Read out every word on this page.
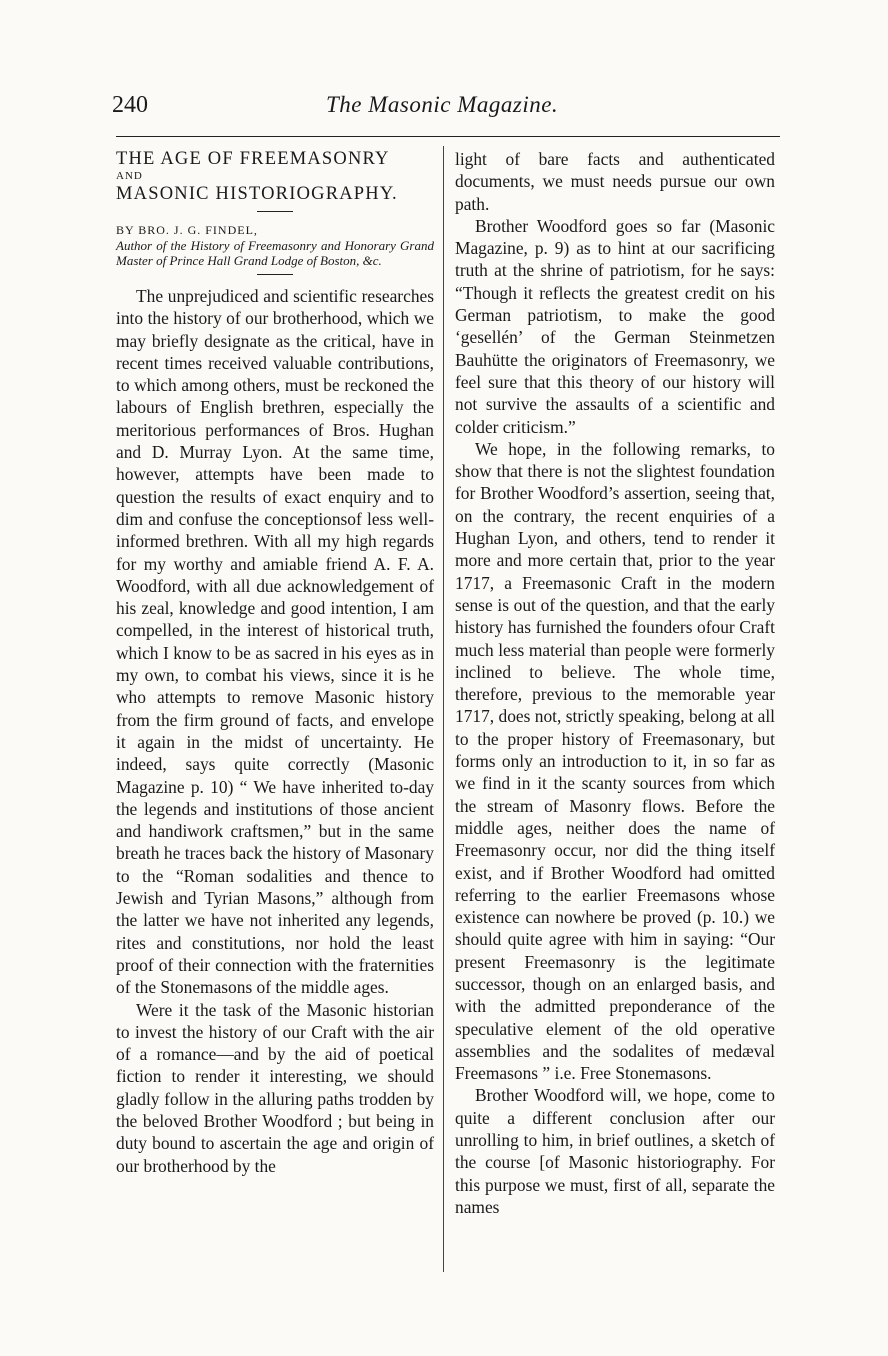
240	The Masonic Magazine.

THE AGE OF FREEMASONRY

AND

MASONIC HISTORIOGRAPHY.

BY BRO. J. G. FINDEL,

Author of the History of Freemasonry and Honorary Grand Master of Prince Hall Grand Lodge of Boston, &c.

The unprejudiced and scientific researches into the history of our brotherhood, which we may briefly designate as the critical, have in recent times received valuable contributions, to which among others, must be reckoned the labours of English brethren, especially the meritorious performances of Bros. Hughan and D. Murray Lyon. At the same time, however, attempts have been made to question the results of exact enquiry and to dim and confuse the conceptionsof less well-informed brethren. With all my high regards for my worthy and amiable friend A. F. A. Woodford, with all due acknowledgement of his zeal, knowledge and good intention, I am compelled, in the interest of historical truth, which I know to be as sacred in his eyes as in my own, to combat his views, since it is he who attempts to remove Masonic history from the firm ground of facts, and envelope it again in the midst of uncertainty. He indeed, says quite correctly (Masonic Magazine p. 10) “ We have inherited to-day the legends and institutions of those ancient and handiwork craftsmen,” but in the same breath he traces back the history of Masonary to the “Roman sodalities and thence to Jewish and Tyrian Masons,” although from the latter we have not inherited any legends, rites and constitutions, nor hold the least proof of their connection with the fraternities of the Stonemasons of the middle ages.

Were it the task of the Masonic historian to invest the history of our Craft with the air of a romance—and by the aid of poetical fiction to render it interesting, we should gladly follow in the alluring paths trodden by the beloved Brother Woodford ; but being in duty bound to ascertain the age and origin of our brotherhood by the

light of bare facts and authenticated documents, we must needs pursue our own path.

Brother Woodford goes so far (Masonic Magazine, p. 9) as to hint at our sacrificing truth at the shrine of patriotism, for he says: “Though it reflects the greatest credit on his German patriotism, to make the good ‘gesellén’ of the German Steinmetzen Bauhütte the originators of Freemasonry, we feel sure that this theory of our history will not survive the assaults of a scientific and colder criticism.”

We hope, in the following remarks, to show that there is not the slightest foundation for Brother Woodford’s assertion, seeing that, on the contrary, the recent enquiries of a Hughan Lyon, and others, tend to render it more and more certain that, prior to the year 1717, a Freemasonic Craft in the modern sense is out of the question, and that the early history has furnished the founders ofour Craft much less material than people were formerly inclined to believe. The whole time, therefore, previous to the memorable year 1717, does not, strictly speaking, belong at all to the proper history of Freemasonary, but forms only an introduction to it, in so far as we find in it the scanty sources from which the stream of Masonry flows. Before the middle ages, neither does the name of Freemasonry occur, nor did the thing itself exist, and if Brother Woodford had omitted referring to the earlier Freemasons whose existence can nowhere be proved (p. 10.) we should quite agree with him in saying: “Our present Freemasonry is the legitimate successor, though on an enlarged basis, and with the admitted preponderance of the speculative element of the old operative assemblies and the sodalites of medæval Freemasons ” i.e. Free Stonemasons.

Brother Woodford will, we hope, come to quite a different conclusion after our unrolling to him, in brief outlines, a sketch of the course [of Masonic historiography. For this purpose we must, first of all, separate the names
